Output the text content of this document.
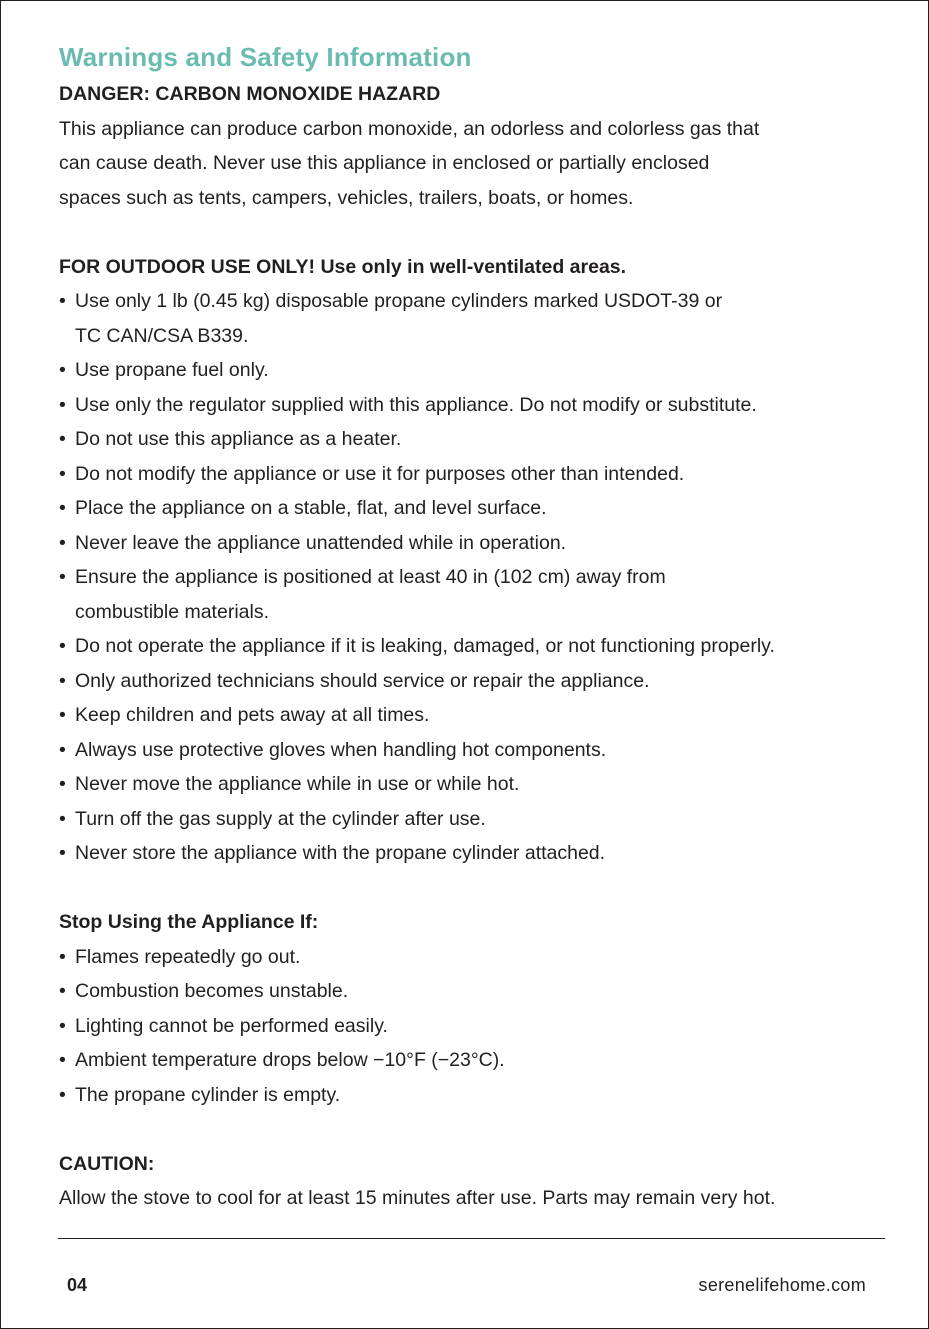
Warnings and Safety Information
DANGER: CARBON MONOXIDE HAZARD

This appliance can produce carbon monoxide, an odorless and colorless gas that
can cause death. Never use this appliance in enclosed or partially enclosed
spaces such as tents, campers, vehicles, trailers, boats, or homes.

FOR OUTDOOR USE ONLY! Use only in well-ventilated areas.
• Use only 1 lb (0.45 kg) disposable propane cylinders marked USDOT-39 or
TC CAN/CSA B339.
• Use propane fuel only.
• Use only the regulator supplied with this appliance. Do not modify or substitute.
• Do not use this appliance as a heater.
• Do not modify the appliance or use it for purposes other than intended.
• Place the appliance on a stable, flat, and level surface.
• Never leave the appliance unattended while in operation.
• Ensure the appliance is positioned at least 40 in (102 cm) away from
combustible materials.
• Do not operate the appliance if it is leaking, damaged, or not functioning properly.
• Only authorized technicians should service or repair the appliance.
• Keep children and pets away at all times.
• Always use protective gloves when handling hot components.
• Never move the appliance while in use or while hot.
• Turn off the gas supply at the cylinder after use.
• Never store the appliance with the propane cylinder attached.
Stop Using the Appliance If:
• Flames repeatedly go out.
• Combustion becomes unstable.
• Lighting cannot be performed easily.
• Ambient temperature drops below −10°F (−23°C).
• The propane cylinder is empty.
CAUTION:

Allow the stove to cool for at least 15 minutes after use. Parts may remain very hot.

04	serenelifehome.com
